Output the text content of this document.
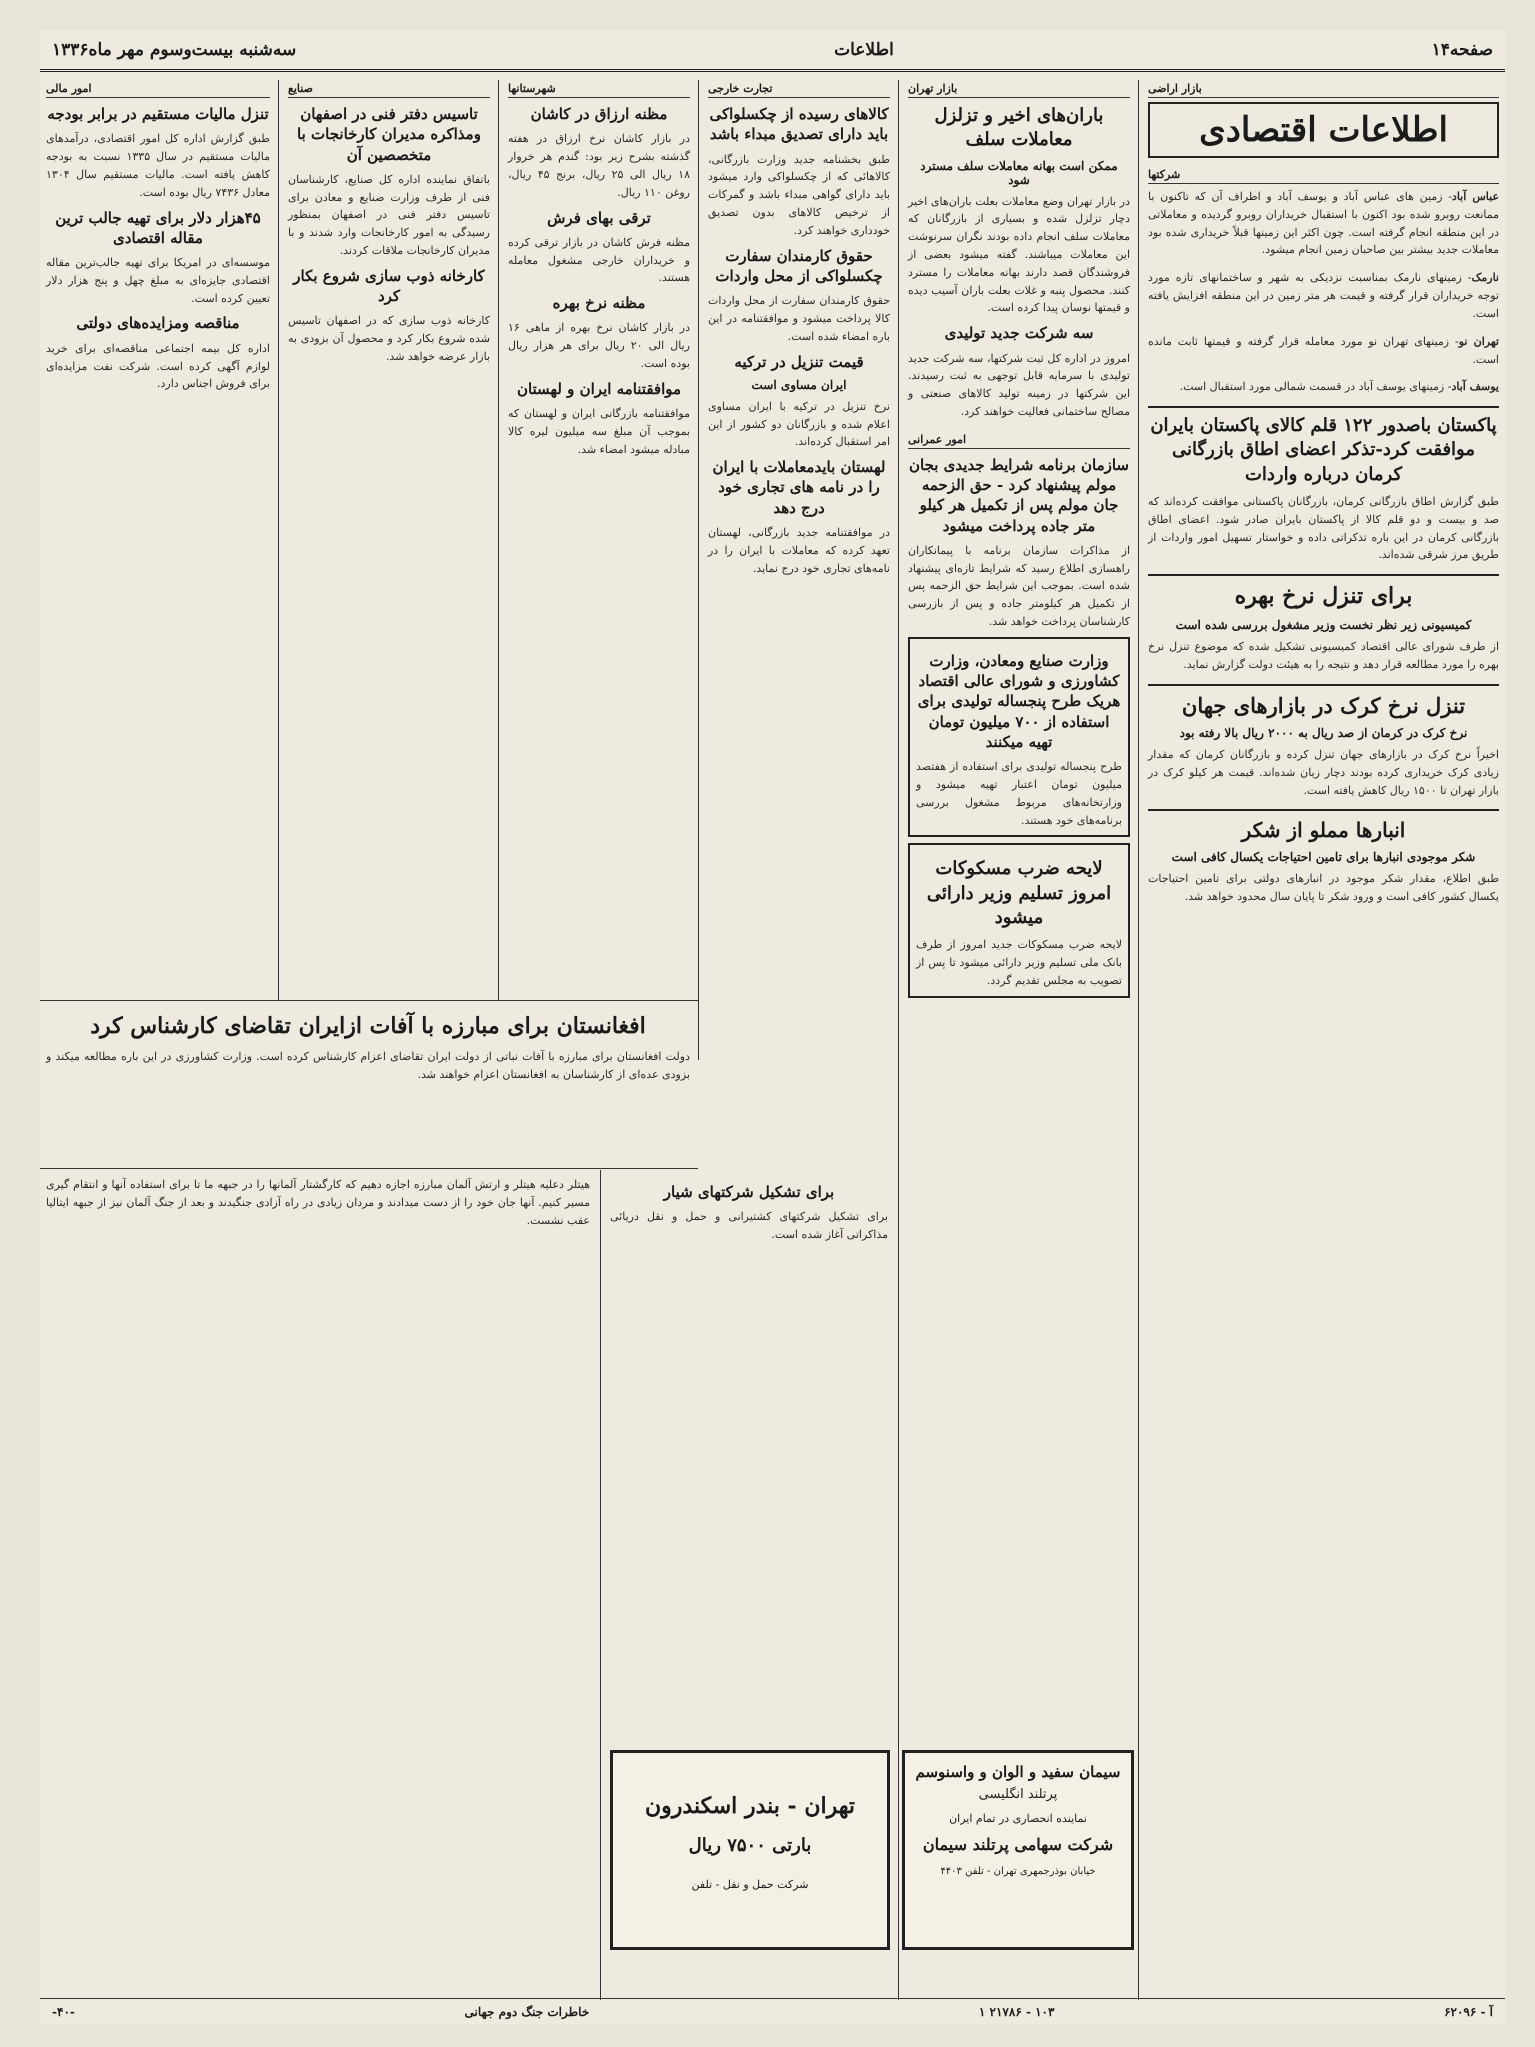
صفحه۱۴
اطلاعات
سه‌شنبه بیست‌وسوم مهر ماه۱۳۳۶
بازار اراضی
اطلاعات اقتصادی
شرکتها
عباس آباد- زمین های عباس آباد و یوسف آباد و اطراف آن که تاکنون با ممانعت روبرو شده بود اکنون با استقبال خریداران روبرو گردیده و معاملاتی در این منطقه انجام گرفته است. چون اکثر این زمینها قبلاً خریداری شده بود معاملات جدید بیشتر بین صاحبان زمین انجام میشود.
نارمک- زمینهای نارمک بمناسبت نزدیکی به شهر و ساختمانهای تازه مورد توجه خریداران قرار گرفته و قیمت هر متر زمین در این منطقه افزایش یافته است.
تهران نو- زمینهای تهران نو مورد معامله قرار گرفته و قیمتها ثابت مانده است.
یوسف آباد- زمینهای یوسف آباد در قسمت شمالی مورد استقبال است.
پاکستان باصدور ۱۲۲ قلم کالای پاکستان بایران موافقت کرد-تذکر اعضای اطاق بازرگانی کرمان درباره واردات
طبق گزارش اطاق بازرگانی کرمان، بازرگانان پاکستانی موافقت کرده‌اند که صد و بیست و دو قلم کالا از پاکستان بایران صادر شود. اعضای اطاق بازرگانی کرمان در این باره تذکراتی داده و خواستار تسهیل امور واردات از طریق مرز شرقی شده‌اند.
برای تنزل نرخ بهره
کمیسیونی زیر نظر نخست وزیر مشغول بررسی شده است
از طرف شورای عالی اقتصاد کمیسیونی تشکیل شده که موضوع تنزل نرخ بهره را مورد مطالعه قرار دهد و نتیجه را به هیئت دولت گزارش نماید.
تنزل نرخ کرک در بازارهای جهان
نرخ کرک در کرمان از صد ریال به ۲۰۰۰ ریال بالا رفته بود
اخیراً نرخ کرک در بازارهای جهان تنزل کرده و بازرگانان کرمان که مقدار زیادی کرک خریداری کرده بودند دچار زیان شده‌اند. قیمت هر کیلو کرک در بازار تهران تا ۱۵۰۰ ریال کاهش یافته است.
انبارها مملو از شکر
شکر موجودی انبارها برای تامین احتیاجات یکسال کافی است
طبق اطلاع، مقدار شکر موجود در انبارهای دولتی برای تامین احتیاجات یکسال کشور کافی است و ورود شکر تا پایان سال محدود خواهد شد.
بازار تهران
باران‌های اخیر و تزلزل معاملات سلف
ممکن است بهانه معاملات سلف مسترد شود
در بازار تهران وضع معاملات بعلت باران‌های اخیر دچار تزلزل شده و بسیاری از بازرگانان که معاملات سلف انجام داده بودند نگران سرنوشت این معاملات میباشند. گفته میشود بعضی از فروشندگان قصد دارند بهانه معاملات را مسترد کنند. محصول پنبه و غلات بعلت باران آسیب دیده و قیمتها نوسان پیدا کرده است.
سه شرکت جدید تولیدی
امروز در اداره کل ثبت شرکتها، سه شرکت جدید تولیدی با سرمایه قابل توجهی به ثبت رسیدند. این شرکتها در زمینه تولید کالاهای صنعتی و مصالح ساختمانی فعالیت خواهند کرد.
امور عمرانی
سازمان برنامه شرایط جدیدی بجان مولم پیشنهاد کرد - حق الزحمه جان مولم پس از تکمیل هر کیلو متر جاده پرداخت میشود
از مذاکرات سازمان برنامه با پیمانکاران راهسازی اطلاع رسید که شرایط تازه‌ای پیشنهاد شده است. بموجب این شرایط حق الزحمه پس از تکمیل هر کیلومتر جاده و پس از بازرسی کارشناسان پرداخت خواهد شد.
وزارت صنایع ومعادن، وزارت کشاورزی و شورای عالی اقتصاد هریک طرح پنجساله تولیدی برای استفاده از ۷۰۰ میلیون تومان تهیه میکنند
طرح پنجساله تولیدی برای استفاده از هفتصد میلیون تومان اعتبار تهیه میشود و وزارتخانه‌های مربوط مشغول بررسی برنامه‌های خود هستند.
لایحه ضرب مسکوکات امروز تسلیم وزیر دارائی میشود
لایحه ضرب مسکوکات جدید امروز از طرف بانک ملی تسلیم وزیر دارائی میشود تا پس از تصویب به مجلس تقدیم گردد.
تجارت خارجی
کالاهای رسیده از چکسلواکی باید دارای تصدیق مبداء باشد
طبق بخشنامه جدید وزارت بازرگانی، کالاهائی که از چکسلواکی وارد میشود باید دارای گواهی مبداء باشد و گمرکات از ترخیص کالاهای بدون تصدیق خودداری خواهند کرد.
حقوق کارمندان سفارت چکسلواکی از محل واردات
حقوق کارمندان سفارت از محل واردات کالا پرداخت میشود و موافقتنامه در این باره امضاء شده است.
قیمت تنزیل در ترکیه
ایران مساوی است
نرخ تنزیل در ترکیه با ایران مساوی اعلام شده و بازرگانان دو کشور از این امر استقبال کرده‌اند.
لهستان بایدمعاملات با ایران را در نامه های تجاری خود درج دهد
در موافقتنامه جدید بازرگانی، لهستان تعهد کرده که معاملات با ایران را در نامه‌های تجاری خود درج نماید.
شهرستانها
مظنه ارزاق در کاشان
در بازار کاشان نرخ ارزاق در هفته گذشته بشرح زیر بود: گندم هر خروار ۱۸ ریال الی ۲۵ ریال، برنج ۴۵ ریال، روغن ۱۱۰ ریال.
ترقی بهای فرش
مظنه فرش کاشان در بازار ترقی کرده و خریداران خارجی مشغول معامله هستند.
مظنه نرخ بهره
در بازار کاشان نرخ بهره از ماهی ۱۶ ریال الی ۲۰ ریال برای هر هزار ریال بوده است.
موافقتنامه ایران و لهستان
موافقتنامه بازرگانی ایران و لهستان که بموجب آن مبلغ سه میلیون لیره کالا مبادله میشود امضاء شد.
صنایع
تاسیس دفتر فنی در اصفهان ومذاکره مدیران کارخانجات با متخصصین آن
باتفاق نماینده اداره کل صنایع، کارشناسان فنی از طرف وزارت صنایع و معادن برای تاسیس دفتر فنی در اصفهان بمنظور رسیدگی به امور کارخانجات وارد شدند و با مدیران کارخانجات ملاقات کردند.
کارخانه ‌ذوب ‌سازی شروع بکار کرد
کارخانه ذوب سازی که در اصفهان تاسیس شده شروع بکار کرد و محصول آن بزودی به بازار عرضه خواهد شد.
امور مالی
تنزل مالیات مستقیم در برابر بودجه
طبق گزارش اداره کل امور اقتصادی، درآمدهای مالیات مستقیم در سال ۱۳۳۵ نسبت به بودجه کاهش یافته است. مالیات مستقیم سال ۱۳۰۴ معادل ۷۴۳۶ ریال بوده است.
۴۵هزار دلار برای تهیه جالب ترین مقاله اقتصادی
موسسه‌ای در امریکا برای تهیه جالب‌ترین مقاله اقتصادی جایزه‌ای به مبلغ چهل و پنج هزار دلار تعیین کرده است.
مناقصه ومزایده‌های دولتی
اداره کل بیمه اجتماعی مناقصه‌ای برای خرید لوازم آگهی کرده است. شرکت نفت مزایده‌ای برای فروش اجناس دارد.
افغانستان برای مبارزه با آفات ازایران تقاضای کارشناس کرد
دولت افغانستان برای مبارزه با آفات نباتی از دولت ایران تقاضای اعزام کارشناس کرده است. وزارت کشاورزی در این باره مطالعه میکند و بزودی عده‌ای از کارشناسان به افغانستان اعزام خواهند شد.
هیتلر دعلیه هیتلر و ارتش آلمان مبارزه اجازه دهیم که کارگشتار آلمانها را در جبهه ما تا برای استفاده آنها و انتقام گیری مسیر کنیم. آنها جان خود را از دست میدادند و مردان زیادی در راه آزادی جنگیدند و بعد از جنگ آلمان نیز از جبهه ایتالیا عقب نشست.
برای تشکیل شرکتهای شیار
برای تشکیل شرکتهای کشتیرانی و حمل و نقل دریائی مذاکراتی آغاز شده است.
تهران - بندر اسکندرون
بارتی ۷۵۰۰ ریال
شرکت حمل و نقل - تلفن
سیمان سفید و الوان و واسنوسم
پرتلند انگلیسی
نماینده انحصاری در تمام ایران
شرکت سهامی پرتلند سیمان
خیابان بوذرجمهری تهران - تلفن ۴۴۰۳
آ - ۶۲۰۹۶
۱۰۳ - ۲۱۷۸۶ ۱
خاطرات جنگ دوم جهانی
-۴۰-
